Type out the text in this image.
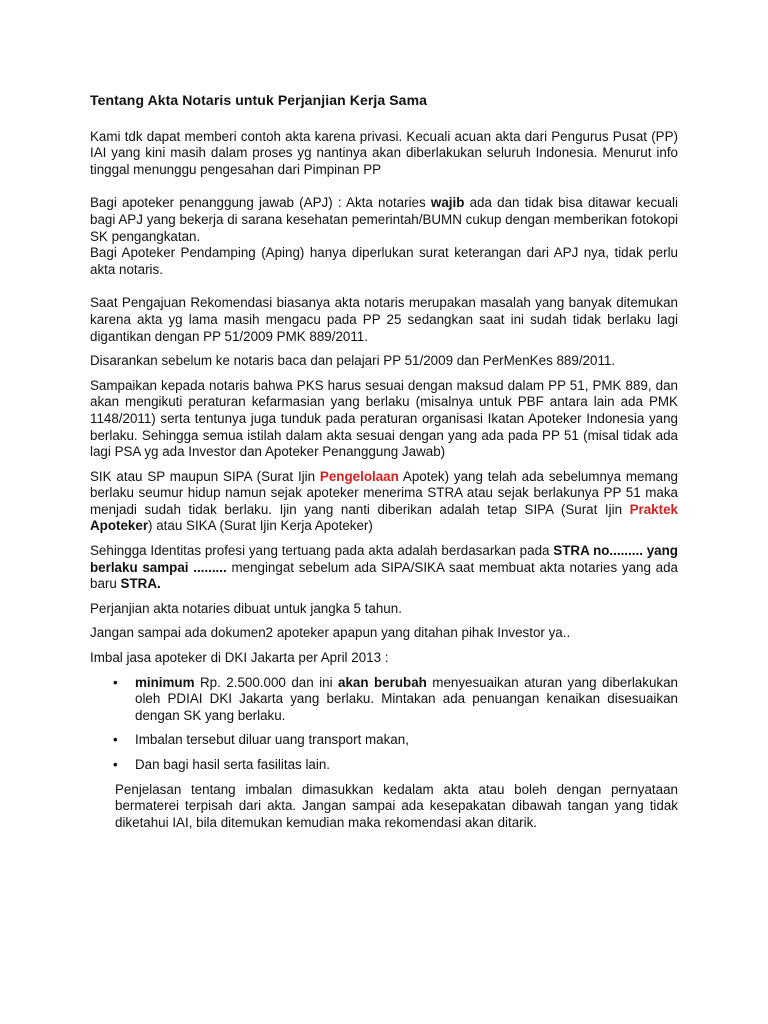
Tentang Akta Notaris untuk Perjanjian Kerja Sama

Kami tdk dapat memberi contoh akta karena privasi. Kecuali acuan akta dari Pengurus Pusat (PP) IAI yang kini masih dalam proses yg nantinya akan diberlakukan seluruh Indonesia. Menurut info tinggal menunggu pengesahan dari Pimpinan PP

Bagi apoteker penanggung jawab (APJ) : Akta notaries wajib ada dan tidak bisa ditawar kecuali bagi APJ yang bekerja di sarana kesehatan pemerintah/BUMN cukup dengan memberikan fotokopi SK pengangkatan.

Bagi Apoteker Pendamping (Aping) hanya diperlukan surat keterangan dari APJ nya, tidak perlu akta notaris.

Saat Pengajuan Rekomendasi biasanya akta notaris merupakan masalah yang banyak ditemukan karena akta yg lama masih mengacu pada PP 25 sedangkan saat ini sudah tidak berlaku lagi digantikan dengan PP 51/2009 PMK 889/2011.

Disarankan sebelum ke notaris baca dan pelajari PP 51/2009 dan PerMenKes 889/2011.

Sampaikan kepada notaris bahwa PKS harus sesuai dengan maksud dalam PP 51, PMK 889, dan akan mengikuti peraturan kefarmasian yang berlaku (misalnya untuk PBF antara lain ada PMK 1148/2011) serta tentunya juga tunduk pada peraturan organisasi Ikatan Apoteker Indonesia yang berlaku. Sehingga semua istilah dalam akta sesuai dengan yang ada pada PP 51 (misal tidak ada lagi PSA yg ada Investor dan Apoteker Penanggung Jawab)

SIK atau SP maupun SIPA (Surat Ijin Pengelolaan Apotek) yang telah ada sebelumnya memang berlaku seumur hidup namun sejak apoteker menerima STRA atau sejak berlakunya PP 51 maka menjadi sudah tidak berlaku. Ijin yang nanti diberikan adalah tetap SIPA (Surat Ijin Praktek Apoteker) atau SIKA (Surat Ijin Kerja Apoteker)

Sehingga Identitas profesi yang tertuang pada akta adalah berdasarkan pada STRA no......... yang berlaku sampai ......... mengingat sebelum ada SIPA/SIKA saat membuat akta notaries yang ada baru STRA.

Perjanjian akta notaries dibuat untuk jangka 5 tahun.

Jangan sampai ada dokumen2 apoteker apapun yang ditahan pihak Investor ya..

Imbal jasa apoteker di DKI Jakarta per April 2013 :

• minimum Rp. 2.500.000 dan ini akan berubah menyesuaikan aturan yang diberlakukan oleh PDIAI DKI Jakarta yang berlaku. Mintakan ada penuangan kenaikan disesuaikan dengan SK yang berlaku.
• Imbalan tersebut diluar uang transport makan,
• Dan bagi hasil serta fasilitas lain.

Penjelasan tentang imbalan dimasukkan kedalam akta atau boleh dengan pernyataan bermaterei terpisah dari akta. Jangan sampai ada kesepakatan dibawah tangan yang tidak diketahui IAI, bila ditemukan kemudian maka rekomendasi akan ditarik.
